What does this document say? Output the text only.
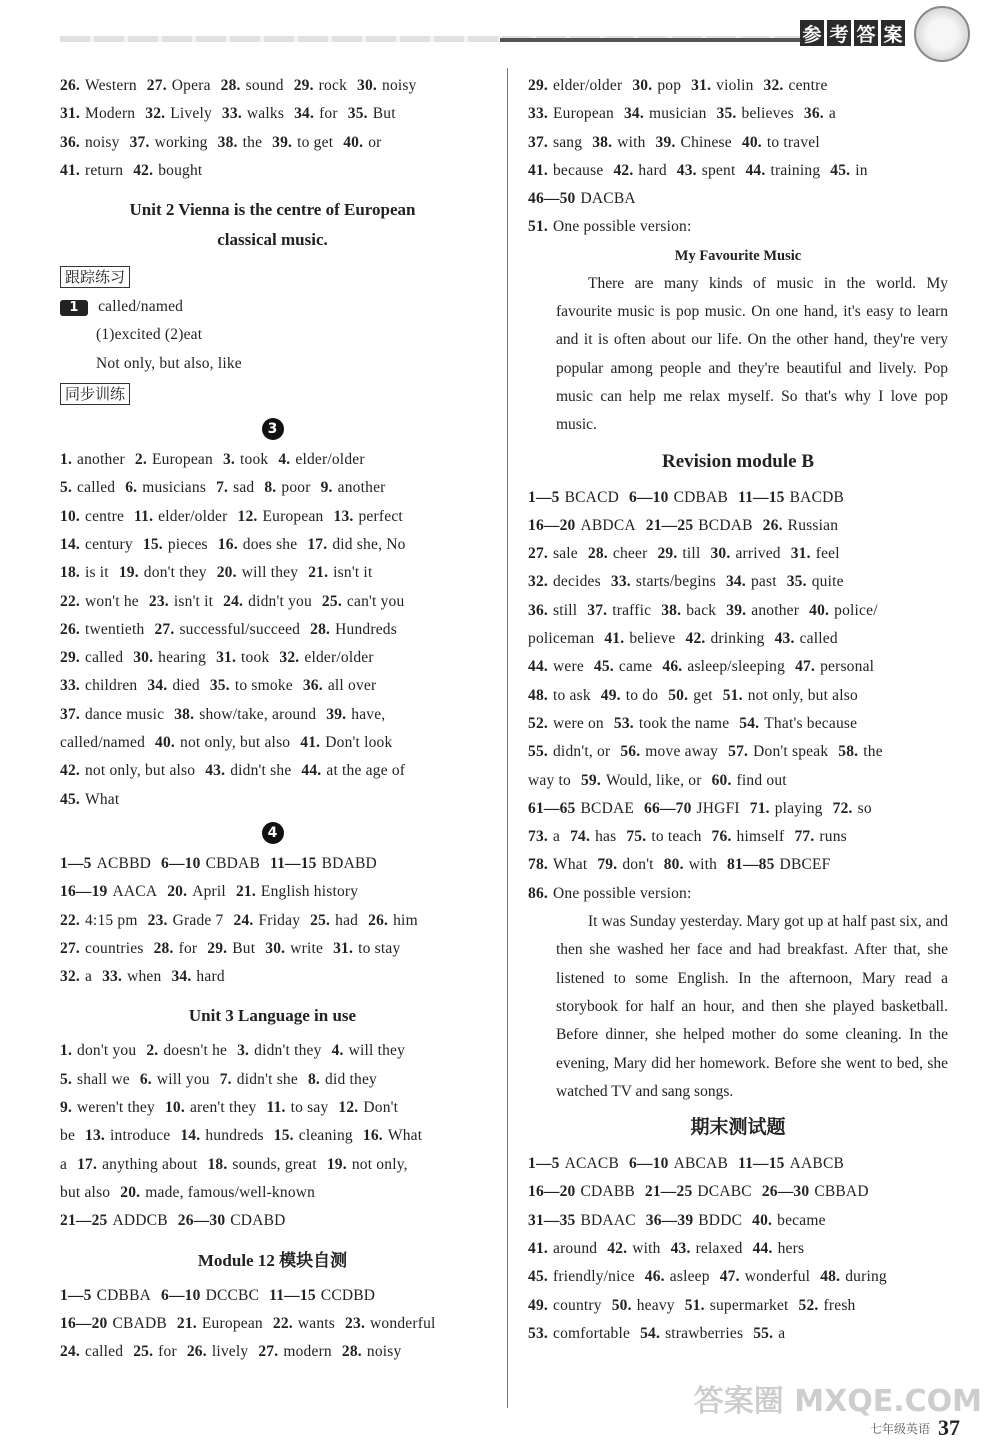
参 考 答 案
26. Western 27. Opera 28. sound 29. rock 30. noisy
31. Modern 32. Lively 33. walks 34. for 35. But
36. noisy 37. working 38. the 39. to get 40. or
41. return 42. bought
Unit 2 Vienna is the centre of European
classical music.
跟踪练习
1 called/named
(1)excited (2)eat
Not only, but also, like
同步训练
3
1. another 2. European 3. took 4. elder/older
5. called 6. musicians 7. sad 8. poor 9. another
10. centre 11. elder/older 12. European 13. perfect
14. century 15. pieces 16. does she 17. did she, No
18. is it 19. don't they 20. will they 21. isn't it
22. won't he 23. isn't it 24. didn't you 25. can't you
26. twentieth 27. successful/succeed 28. Hundreds
29. called 30. hearing 31. took 32. elder/older
33. children 34. died 35. to smoke 36. all over
37. dance music 38. show/take, around 39. have,
called/named 40. not only, but also 41. Don't look
42. not only, but also 43. didn't she 44. at the age of
45. What
4
1—5 ACBBD 6—10 CBDAB 11—15 BDABD
16—19 AACA 20. April 21. English history
22. 4:15 pm 23. Grade 7 24. Friday 25. had 26. him
27. countries 28. for 29. But 30. write 31. to stay
32. a 33. when 34. hard
Unit 3 Language in use
1. don't you 2. doesn't he 3. didn't they 4. will they
5. shall we 6. will you 7. didn't she 8. did they
9. weren't they 10. aren't they 11. to say 12. Don't
be 13. introduce 14. hundreds 15. cleaning 16. What
a 17. anything about 18. sounds, great 19. not only,
but also 20. made, famous/well-known
21—25 ADDCB 26—30 CDABD
Module 12 模块自测
1—5 CDBBA 6—10 DCCBC 11—15 CCDBD
16—20 CBADB 21. European 22. wants 23. wonderful
24. called 25. for 26. lively 27. modern 28. noisy
29. elder/older 30. pop 31. violin 32. centre
33. European 34. musician 35. believes 36. a
37. sang 38. with 39. Chinese 40. to travel
41. because 42. hard 43. spent 44. training 45. in
46—50 DACBA
51. One possible version:
My Favourite Music
There are many kinds of music in the world. My favourite music is pop music. On one hand, it's easy to learn and it is often about our life. On the other hand, they're very popular among people and they're beautiful and lively. Pop music can help me relax myself. So that's why I love pop music.
Revision module B
1—5 BCACD 6—10 CDBAB 11—15 BACDB
16—20 ABDCA 21—25 BCDAB 26. Russian
27. sale 28. cheer 29. till 30. arrived 31. feel
32. decides 33. starts/begins 34. past 35. quite
36. still 37. traffic 38. back 39. another 40. police/
policeman 41. believe 42. drinking 43. called
44. were 45. came 46. asleep/sleeping 47. personal
48. to ask 49. to do 50. get 51. not only, but also
52. were on 53. took the name 54. That's because
55. didn't, or 56. move away 57. Don't speak 58. the
way to 59. Would, like, or 60. find out
61—65 BCDAE 66—70 JHGFI 71. playing 72. so
73. a 74. has 75. to teach 76. himself 77. runs
78. What 79. don't 80. with 81—85 DBCEF
86. One possible version:
It was Sunday yesterday. Mary got up at half past six, and then she washed her face and had breakfast. After that, she listened to some English. In the afternoon, Mary read a storybook for half an hour, and then she played basketball. Before dinner, she helped mother do some cleaning. In the evening, Mary did her homework. Before she went to bed, she watched TV and sang songs.
期末测试题
1—5 ACACB 6—10 ABCAB 11—15 AABCB
16—20 CDABB 21—25 DCABC 26—30 CBBAD
31—35 BDAAC 36—39 BDDC 40. became
41. around 42. with 43. relaxed 44. hers
45. friendly/nice 46. asleep 47. wonderful 48. during
49. country 50. heavy 51. supermarket 52. fresh
53. comfortable 54. strawberries 55. a
七年级英语 37
答案圈 MXQE.COM
